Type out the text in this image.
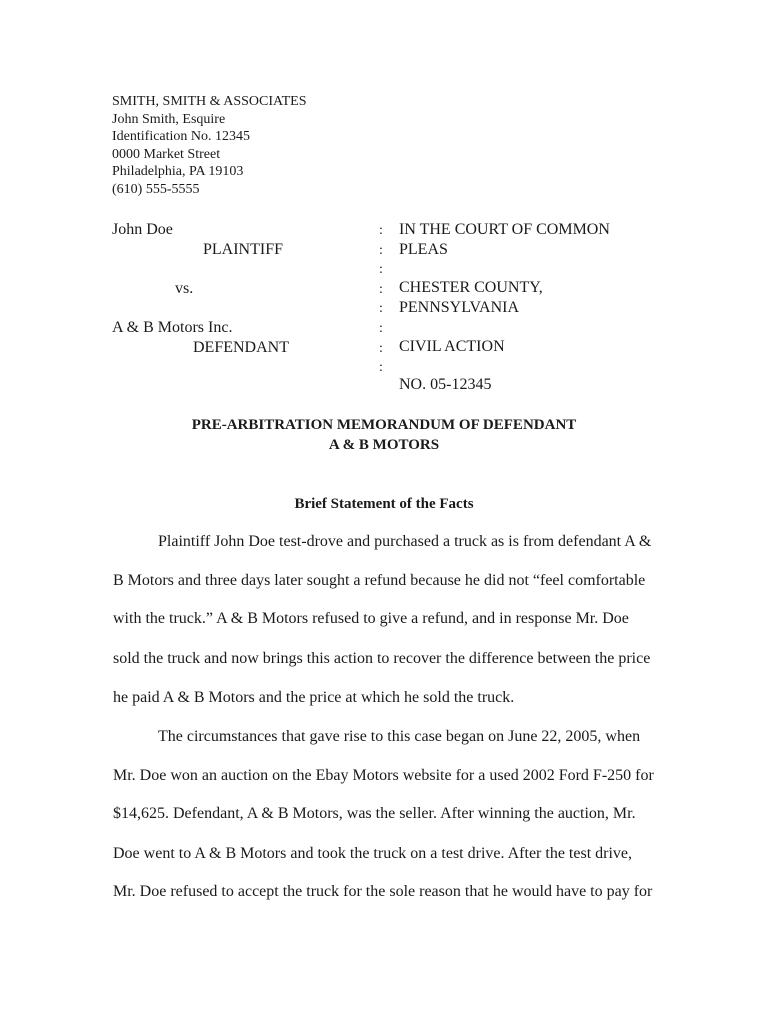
SMITH, SMITH & ASSOCIATES
John Smith, Esquire
Identification No. 12345
0000 Market Street
Philadelphia, PA 19103
(610) 555-5555
John Doe
PLAINTIFF
vs.
A & B Motors Inc.
DEFENDANT
:
:
:
:
:
:
:
:
IN THE COURT OF COMMON
PLEAS
CHESTER COUNTY,
PENNSYLVANIA
CIVIL ACTION
NO. 05-12345
PRE-ARBITRATION MEMORANDUM OF DEFENDANT
A & B MOTORS
Brief Statement of the Facts
Plaintiff John Doe test-drove and purchased a truck as is from defendant A &
B Motors and three days later sought a refund because he did not “feel comfortable
with the truck.” A & B Motors refused to give a refund, and in response Mr. Doe
sold the truck and now brings this action to recover the difference between the price
he paid A & B Motors and the price at which he sold the truck.
The circumstances that gave rise to this case began on June 22, 2005, when
Mr. Doe won an auction on the Ebay Motors website for a used 2002 Ford F-250 for
$14,625. Defendant, A & B Motors, was the seller. After winning the auction, Mr.
Doe went to A & B Motors and took the truck on a test drive. After the test drive,
Mr. Doe refused to accept the truck for the sole reason that he would have to pay for
